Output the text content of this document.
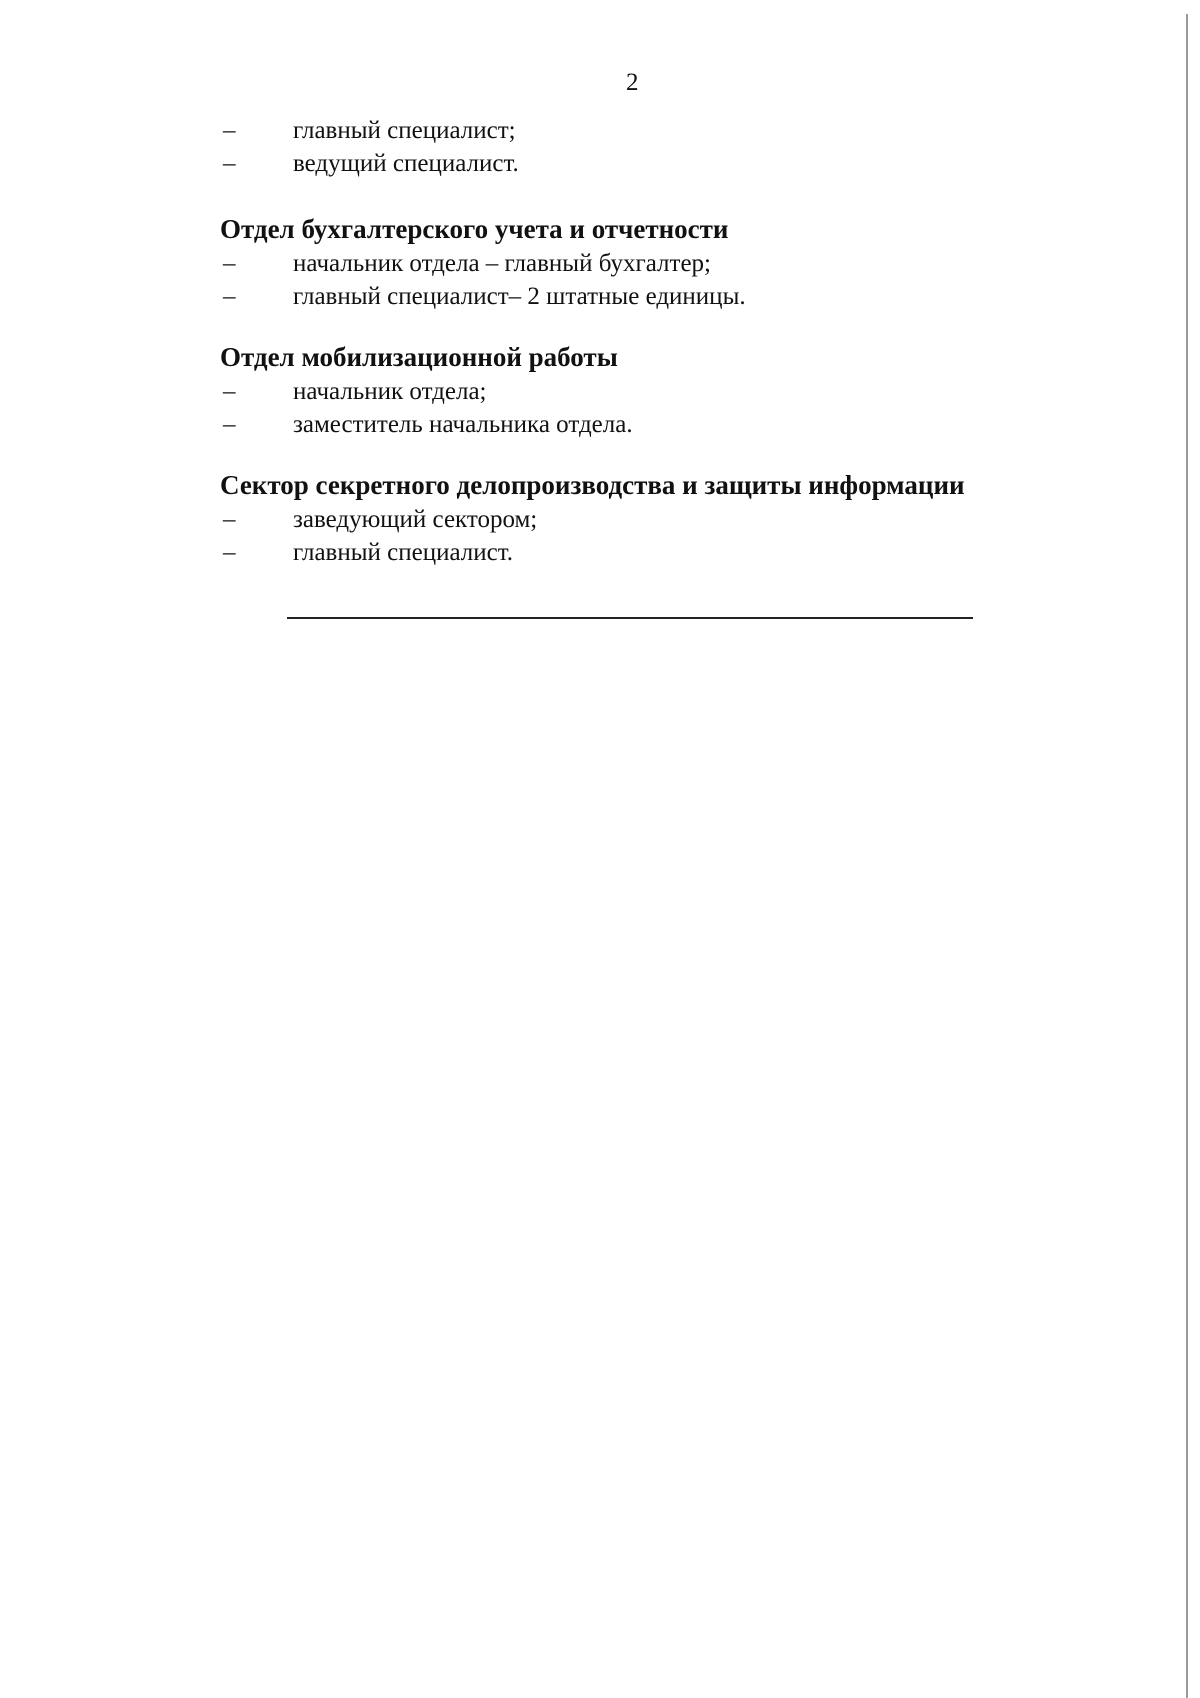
2
– главный специалист;
– ведущий специалист.
Отдел бухгалтерского учета и отчетности
– начальник отдела – главный бухгалтер;
– главный специалист– 2 штатные единицы.
Отдел мобилизационной работы
– начальник отдела;
– заместитель начальника отдела.
Сектор секретного делопроизводства и защиты информации
– заведующий сектором;
– главный специалист.
